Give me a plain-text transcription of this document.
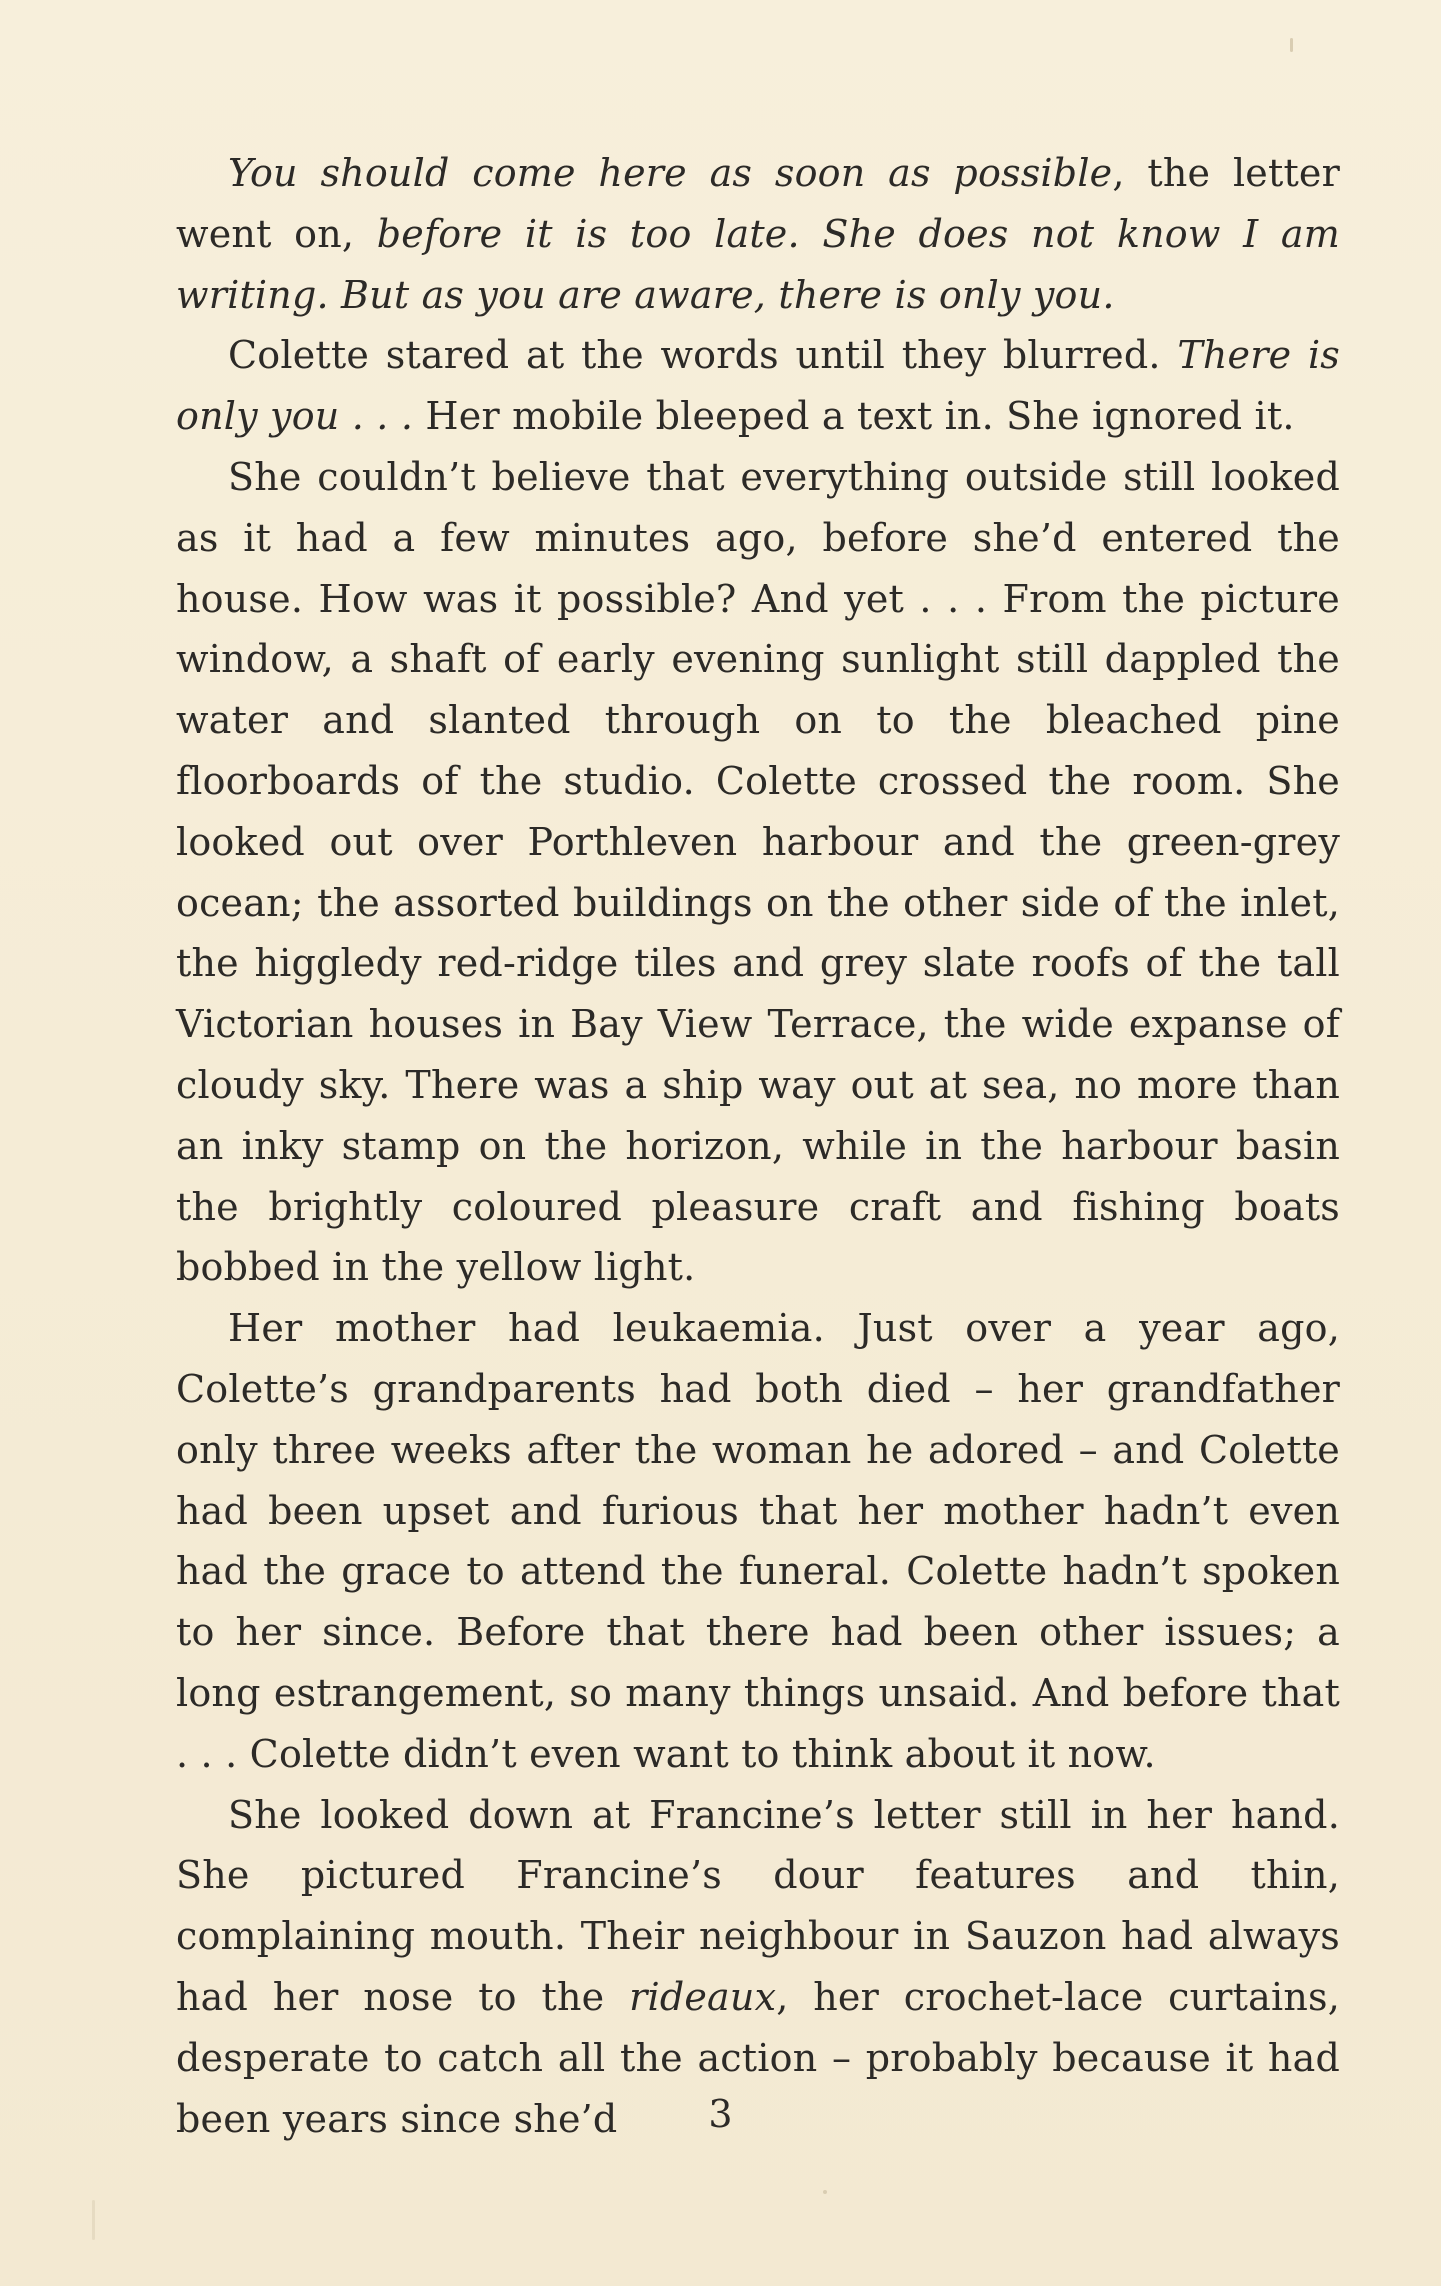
You should come here as soon as possible, the letter went on, before it is too late. She does not know I am writing. But as you are aware, there is only you.

Colette stared at the words until they blurred. There is only you . . . Her mobile bleeped a text in. She ignored it.

She couldn’t believe that everything outside still looked as it had a few minutes ago, before she’d entered the house. How was it possible? And yet . . . From the picture window, a shaft of early evening sunlight still dappled the water and slanted through on to the bleached pine floorboards of the studio. Colette crossed the room. She looked out over Porthleven harbour and the green-grey ocean; the assorted buildings on the other side of the inlet, the higgledy red-ridge tiles and grey slate roofs of the tall Victorian houses in Bay View Terrace, the wide expanse of cloudy sky. There was a ship way out at sea, no more than an inky stamp on the horizon, while in the harbour basin the brightly coloured pleasure craft and fishing boats bobbed in the yellow light.

Her mother had leukaemia. Just over a year ago, Colette’s grandparents had both died – her grandfather only three weeks after the woman he adored – and Colette had been upset and furious that her mother hadn’t even had the grace to attend the funeral. Colette hadn’t spoken to her since. Before that there had been other issues; a long estrangement, so many things unsaid. And before that . . . Colette didn’t even want to think about it now.

She looked down at Francine’s letter still in her hand. She pictured Francine’s dour features and thin, complaining mouth. Their neighbour in Sauzon had always had her nose to the rideaux, her crochet-lace curtains, desperate to catch all the action – probably because it had been years since she’d	3
